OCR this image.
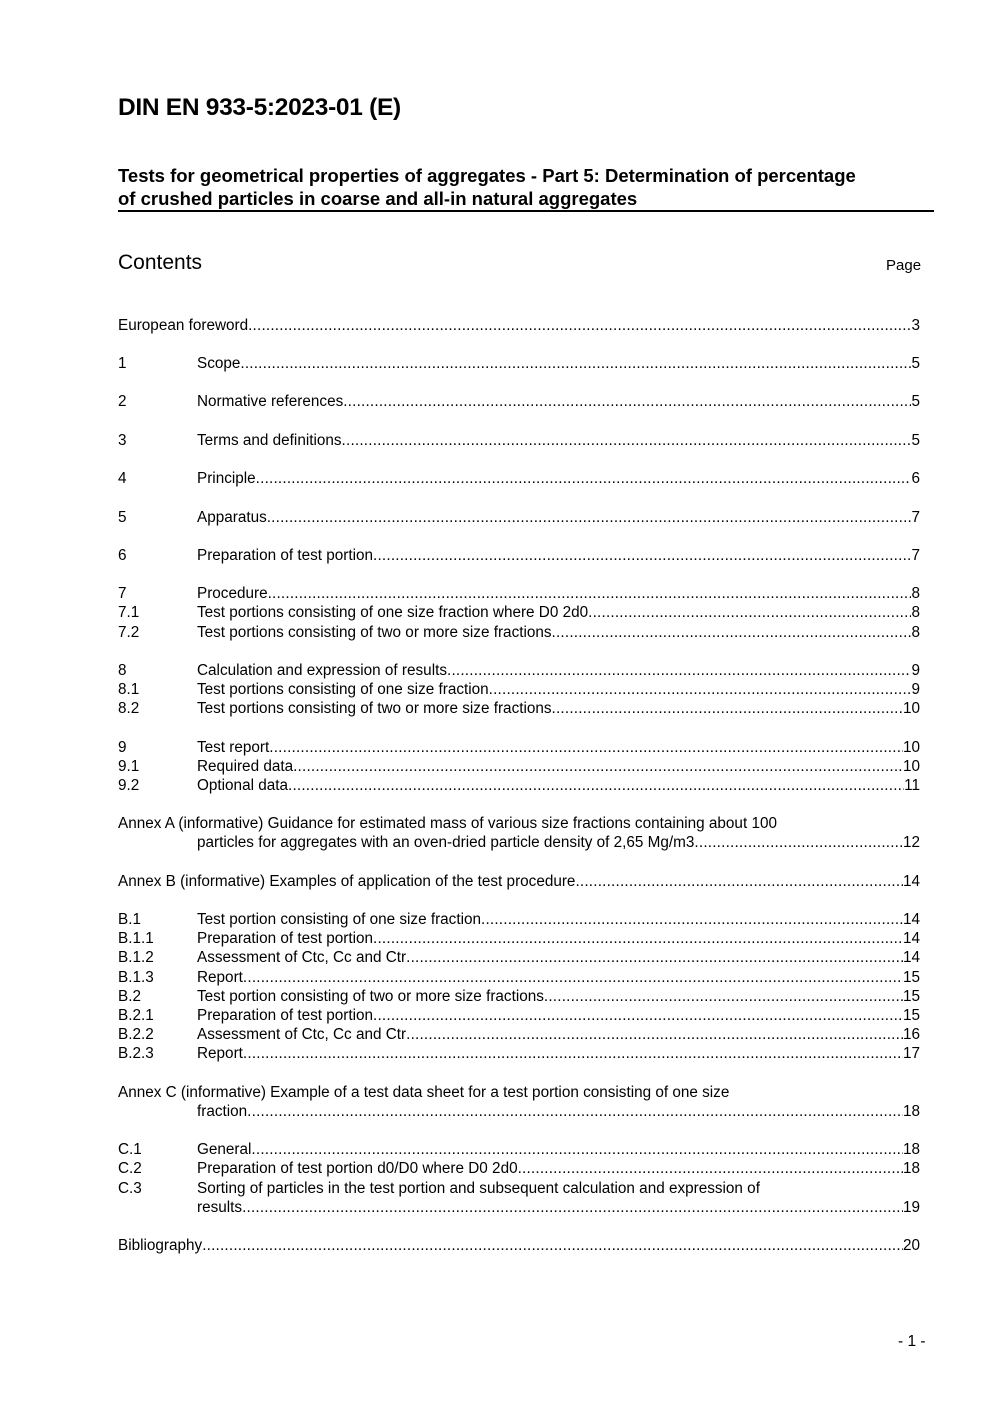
DIN EN 933-5:2023-01 (E)
Tests for geometrical properties of aggregates - Part 5: Determination of percentage
of crushed particles in coarse and all-in natural aggregates
Contents	Page
European foreword .....	3
1	Scope .....	5
2	Normative references .....	5
3	Terms and definitions .....	5
4	Principle .....	6
5	Apparatus .....	7
6	Preparation of test portion .....	7
7	Procedure .....	8
7.1	Test portions consisting of one size fraction where D0 2d0 .....	8
7.2	Test portions consisting of two or more size fractions .....	8
8	Calculation and expression of results .....	9
8.1	Test portions consisting of one size fraction .....	9
8.2	Test portions consisting of two or more size fractions .....	10
9	Test report .....	10
9.1	Required data .....	10
9.2	Optional data .....	11
Annex A (informative) Guidance for estimated mass of various size fractions containing about 100
particles for aggregates with an oven-dried particle density of 2,65 Mg/m3 .....	12
Annex B (informative) Examples of application of the test procedure .....	14
B.1	Test portion consisting of one size fraction .....	14
B.1.1	Preparation of test portion .....	14
B.1.2	Assessment of Ctc, Cc and Ctr .....	14
B.1.3	Report .....	15
B.2	Test portion consisting of two or more size fractions .....	15
B.2.1	Preparation of test portion .....	15
B.2.2	Assessment of Ctc, Cc and Ctr .....	16
B.2.3	Report .....	17
Annex C (informative) Example of a test data sheet for a test portion consisting of one size
fraction .....	18
C.1	General .....	18
C.2	Preparation of test portion d0/D0 where D0 2d0 .....	18
C.3	Sorting of particles in the test portion and subsequent calculation and expression of
results .....	19
Bibliography .....	20
- 1 -
